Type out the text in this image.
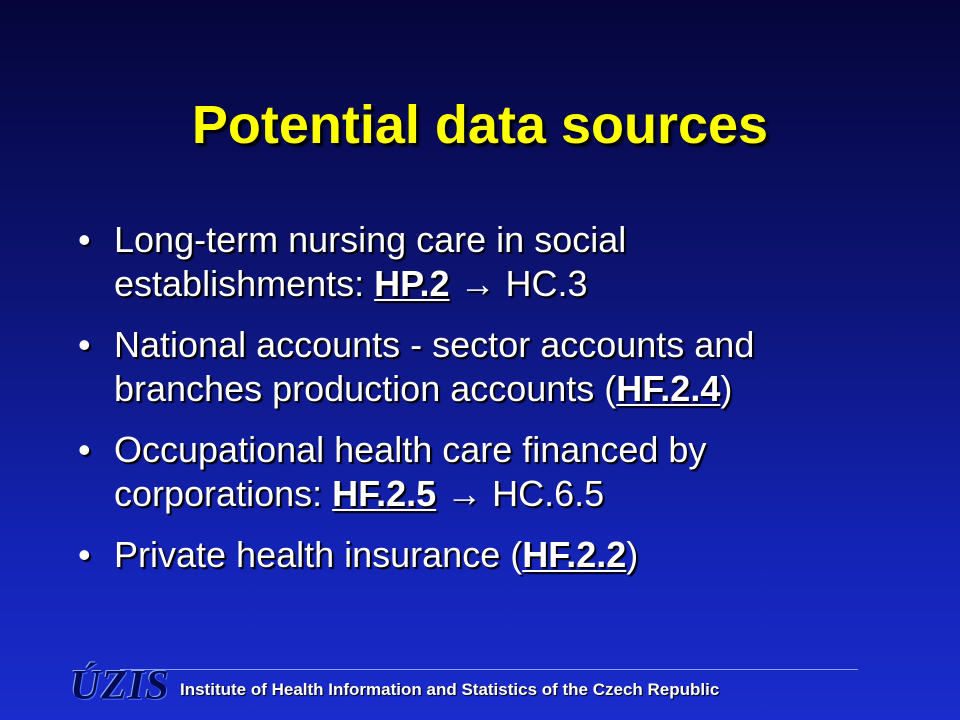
Potential data sources
• Long-term nursing care in social
establishments: HP.2 → HC.3
• National accounts - sector accounts and
branches production accounts (HF.2.4)
• Occupational health care financed by
corporations: HF.2.5 → HC.6.5
• Private health insurance (HF.2.2)
ÚZIS Institute of Health Information and Statistics of the Czech Republic
